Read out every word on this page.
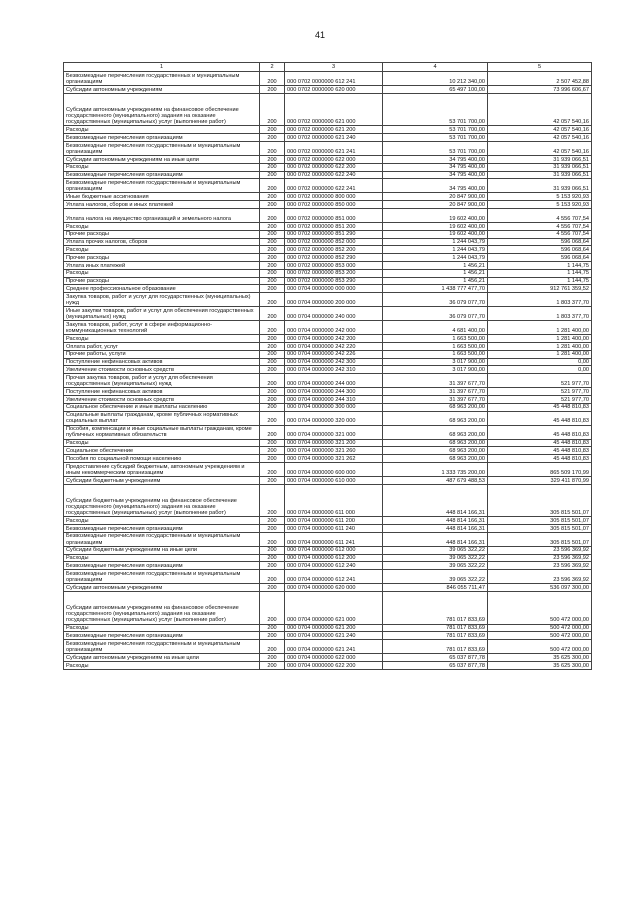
41
1	2	3	4	5
Безвозмездные перечисления государственных и муниципальным организациям	200	000 0702 0000000 612 241	10 212 340,00	2 507 452,88
Субсидии автономным учреждениям	200	000 0702 0000000 620 000	65 497 100,00	73 996 606,67
Субсидии автономным учреждениям на финансовое обеспечение государственного (муниципального) задания на оказание государственных (муниципальных) услуг (выполнение работ)	200	000 0702 0000000 621 000	53 701 700,00	42 057 540,16
Расходы	200	000 0702 0000000 621 200	53 701 700,00	42 057 540,16
Безвозмездные перечисления организациям	200	000 0702 0000000 621 240	53 701 700,00	42 057 540,16
Безвозмездные перечисления государственным и муниципальным организациям	200	000 0702 0000000 621 241	53 701 700,00	42 057 540,16
Субсидии автономным учреждениям на иные цели	200	000 0702 0000000 622 000	34 795 400,00	31 939 066,51
Расходы	200	000 0702 0000000 622 200	34 795 400,00	31 939 066,51
Безвозмездные перечисления организациям	200	000 0702 0000000 622 240	34 795 400,00	31 939 066,51
Безвозмездные перечисления государственным и муниципальным организациям	200	000 0702 0000000 622 241	34 795 400,00	31 939 066,51
Иные бюджетные ассигнования	200	000 0702 0000000 800 000	20 847 900,00	5 153 920,93
Уплата налогов, сборов и иных платежей	200	000 0702 0000000 850 000	20 847 900,00	5 153 920,93
Уплата налога на имущество организаций и земельного налога	200	000 0702 0000000 851 000	19 602 400,00	4 556 707,54
Расходы	200	000 0702 0000000 851 200	19 602 400,00	4 556 707,54
Прочие расходы	200	000 0702 0000000 851 290	19 602 400,00	4 556 707,54
Уплата прочих налогов, сборов	200	000 0702 0000000 852 000	1 244 043,79	596 068,64
Расходы	200	000 0702 0000000 852 200	1 244 043,79	596 068,64
Прочие расходы	200	000 0702 0000000 852 290	1 244 043,79	596 068,64
Уплата иных платежей	200	000 0702 0000000 853 000	1 456,21	1 144,75
Расходы	200	000 0702 0000000 853 200	1 456,21	1 144,75
Прочие расходы	200	000 0702 0000000 853 290	1 456,21	1 144,75
Среднее профессиональное образование	200	000 0704 0000000 000 000	1 438 777 477,70	912 761 359,52
Закупка товаров, работ и услуг для государственных (муниципальных) нужд	200	000 0704 0000000 200 000	36 079 077,70	1 803 377,70
Иные закупки товаров, работ и услуг для обеспечения государственных (муниципальных) нужд	200	000 0704 0000000 240 000	36 079 077,70	1 803 377,70
Закупка товаров, работ, услуг в сфере информационно-коммуникационных технологий	200	000 0704 0000000 242 000	4 681 400,00	1 281 400,00
Расходы	200	000 0704 0000000 242 200	1 663 500,00	1 281 400,00
Оплата работ, услуг	200	000 0704 0000000 242 220	1 663 500,00	1 281 400,00
Прочие работы, услуги	200	000 0704 0000000 242 226	1 663 500,00	1 281 400,00
Поступление нефинансовых активов	200	000 0704 0000000 242 300	3 017 900,00	0,00
Увеличение стоимости основных средств	200	000 0704 0000000 242 310	3 017 900,00	0,00
Прочая закупка товаров, работ и услуг для обеспечения государственных (муниципальных) нужд	200	000 0704 0000000 244 000	31 397 677,70	521 977,70
Поступление нефинансовых активов	200	000 0704 0000000 244 300	31 397 677,70	521 977,70
Увеличение стоимости основных средств	200	000 0704 0000000 244 310	31 397 677,70	521 977,70
Социальное обеспечение и иные выплаты населению	200	000 0704 0000000 300 000	68 963 200,00	45 448 810,83
Социальные выплаты гражданам, кроме публичных нормативных социальных выплат	200	000 0704 0000000 320 000	68 963 200,00	45 448 810,83
Пособия, компенсации и иные социальные выплаты гражданам, кроме публичных нормативных обязательств	200	000 0704 0000000 321 000	68 963 200,00	45 448 810,83
Расходы	200	000 0704 0000000 321 200	68 963 200,00	45 448 810,83
Социальное обеспечение	200	000 0704 0000000 321 260	68 963 200,00	45 448 810,83
Пособия по социальной помощи населению	200	000 0704 0000000 321 262	68 963 200,00	45 448 810,83
Предоставление субсидий бюджетным, автономным учреждениям и иным некоммерческим организациям	200	000 0704 0000000 600 000	1 333 735 200,00	865 509 170,99
Субсидии бюджетным учреждениям	200	000 0704 0000000 610 000	487 679 488,53	329 411 870,99
Субсидии бюджетным учреждениям на финансовое обеспечение государственного (муниципального) задания на оказание государственных (муниципальных) услуг (выполнение работ)	200	000 0704 0000000 611 000	448 814 166,31	305 815 501,07
Расходы	200	000 0704 0000000 611 200	448 814 166,31	305 815 501,07
Безвозмездные перечисления организациям	200	000 0704 0000000 611 240	448 814 166,31	305 815 501,07
Безвозмездные перечисления государственным и муниципальным организациям	200	000 0704 0000000 611 241	448 814 166,31	305 815 501,07
Субсидии бюджетным учреждениям на иные цели	200	000 0704 0000000 612 000	39 065 322,22	23 596 369,92
Расходы	200	000 0704 0000000 612 200	39 065 322,22	23 596 369,92
Безвозмездные перечисления организациям	200	000 0704 0000000 612 240	39 065 322,22	23 596 369,92
Безвозмездные перечисления государственным и муниципальным организациям	200	000 0704 0000000 612 241	39 065 322,22	23 596 369,92
Субсидии автономным учреждениям	200	000 0704 0000000 620 000	846 055 711,47	536 097 300,00
Субсидии автономным учреждениям на финансовое обеспечение государственного (муниципального) задания на оказание государственных (муниципальных) услуг (выполнение работ)	200	000 0704 0000000 621 000	781 017 833,69	500 472 000,00
Расходы	200	000 0704 0000000 621 200	781 017 833,69	500 472 000,00
Безвозмездные перечисления организациям	200	000 0704 0000000 621 240	781 017 833,69	500 472 000,00
Безвозмездные перечисления государственным и муниципальным организациям	200	000 0704 0000000 621 241	781 017 833,69	500 472 000,00
Субсидии автономным учреждениям на иные цели	200	000 0704 0000000 622 000	65 037 877,78	35 625 300,00
Расходы	200	000 0704 0000000 622 200	65 037 877,78	35 625 300,00
